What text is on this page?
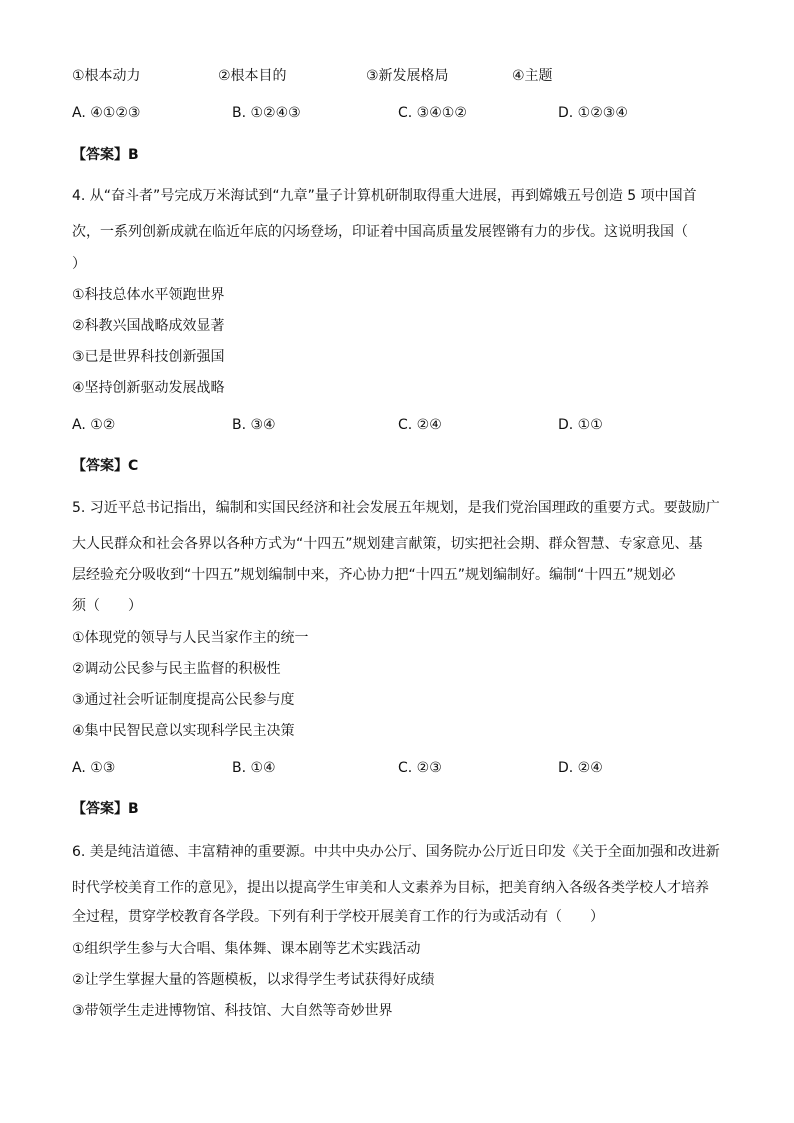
①根本动力	②根本目的	③新发展格局	④主题
A. ④①②③	B. ①②④③	C. ③④①②	D. ①②③④
【答案】B
4. 从“奋斗者”号完成万米海试到“九章”量子计算机研制取得重大进展，再到嫦娥五号创造 5 项中国首
次，一系列创新成就在临近年底的闪场登场，印证着中国高质量发展铿锵有力的步伐。这说明我国（
）
①科技总体水平领跑世界
②科教兴国战略成效显著
③已是世界科技创新强国
④坚持创新驱动发展战略
A. ①②	B. ③④	C. ②④	D. ①①
【答案】C
5. 习近平总书记指出，编制和实国民经济和社会发展五年规划，是我们党治国理政的重要方式。要鼓励广
大人民群众和社会各界以各种方式为“十四五”规划建言献策，切实把社会期、群众智慧、专家意见、基
层经验充分吸收到“十四五”规划编制中来，齐心协力把“十四五”规划编制好。编制“十四五”规划必
须（　　）
①体现党的领导与人民当家作主的统一
②调动公民参与民主监督的积极性
③通过社会听证制度提高公民参与度
④集中民智民意以实现科学民主决策
A. ①③	B. ①④	C. ②③	D. ②④
【答案】B
6. 美是纯洁道德、丰富精神的重要源。中共中央办公厅、国务院办公厅近日印发《关于全面加强和改进新
时代学校美育工作的意见》，提出以提高学生审美和人文素养为目标，把美育纳入各级各类学校人才培养
全过程，贯穿学校教育各学段。下列有利于学校开展美育工作的行为或活动有（　　）
①组织学生参与大合唱、集体舞、课本剧等艺术实践活动
②让学生掌握大量的答题模板，以求得学生考试获得好成绩
③带领学生走进博物馆、科技馆、大自然等奇妙世界
